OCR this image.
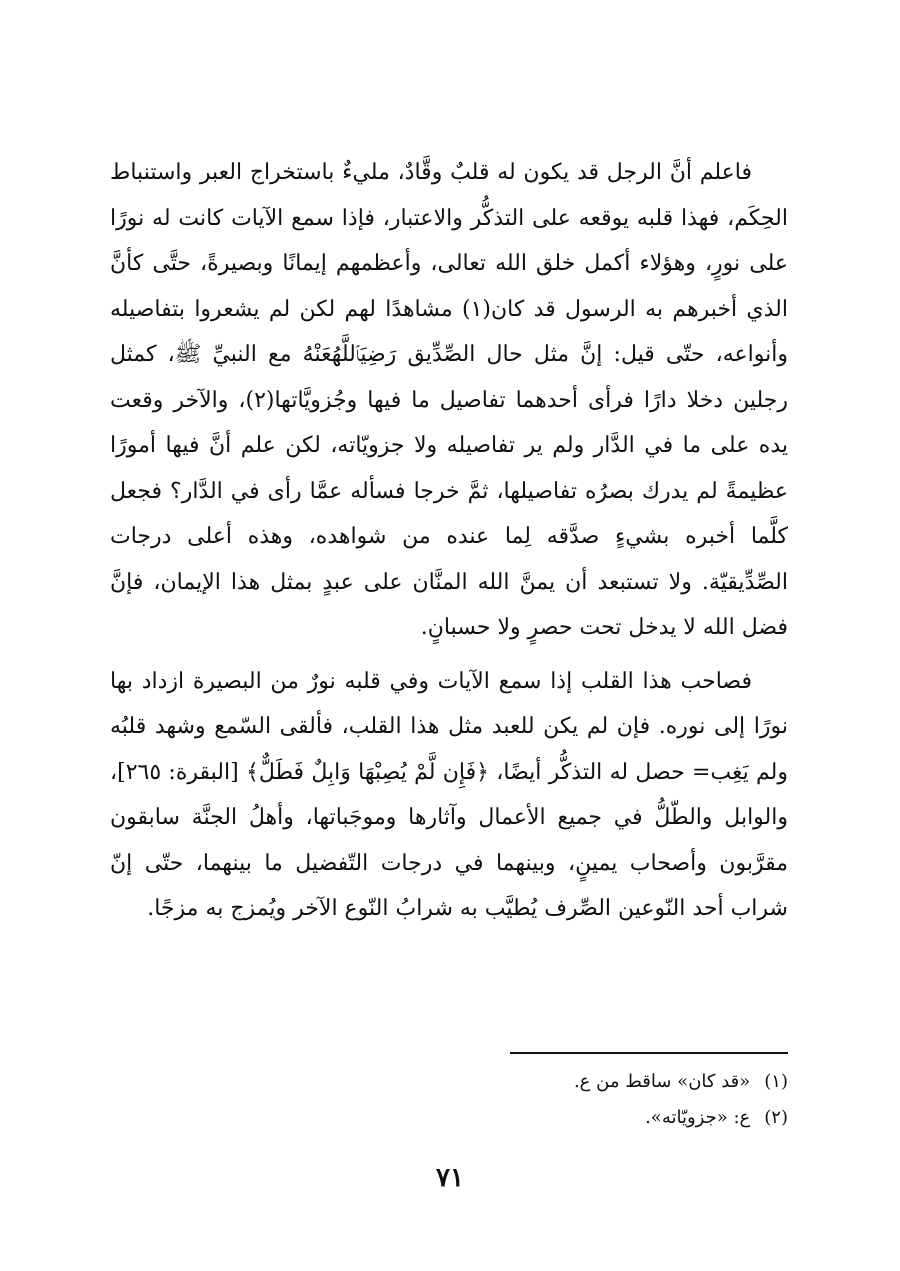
فاعلم أنَّ الرجل قد يكون له قلبٌ وقَّادٌ، مليءٌ باستخراج العبر واستنباط الحِكَم، فهذا قلبه يوقعه على التذكُّر والاعتبار، فإذا سمع الآيات كانت له نورًا على نورٍ، وهؤلاء أكمل خلق الله تعالى، وأعظمهم إيمانًا وبصيرةً، حتَّى كأنَّ الذي أخبرهم به الرسول قد كان(١) مشاهدًا لهم لكن لم يشعروا بتفاصيله وأنواعه، حتّى قيل: إنَّ مثل حال الصِّدِّيق رَضِيَٱللَّهُعَنْهُ مع النبيِّ ﷺ، كمثل رجلين دخلا دارًا فرأى أحدهما تفاصيل ما فيها وجُزويَّاتها(٢)، والآخر وقعت يده على ما في الدَّار ولم ير تفاصيله ولا جزويّاته، لكن علم أنَّ فيها أمورًا عظيمةً لم يدرك بصرُه تفاصيلها، ثمَّ خرجا فسأله عمَّا رأى في الدَّار؟ فجعل كلَّما أخبره بشيءٍ صدَّقه لِما عنده من شواهده، وهذه أعلى درجات الصِّدِّيقيّة. ولا تستبعد أن يمنَّ الله المنَّان على عبدٍ بمثل هذا الإيمان، فإنَّ فضل الله لا يدخل تحت حصرٍ ولا حسبانٍ.

فصاحب هذا القلب إذا سمع الآيات وفي قلبه نورٌ من البصيرة ازداد بها نورًا إلى نوره. فإن لم يكن للعبد مثل هذا القلب، فألقى السّمع وشهد قلبُه ولم يَغِب= حصل له التذكُّر أيضًا، ﴿فَإِن لَّمْ يُصِبْهَا وَابِلٌ فَطَلٌّ﴾ [البقرة: ٢٦٥]، والوابل والطّلُّ في جميع الأعمال وآثارها وموجَباتها، وأهلُ الجنَّة سابقون مقرَّبون وأصحاب يمينٍ، وبينهما في درجات التّفضيل ما بينهما، حتّى إنّ شراب أحد النّوعين الصِّرف يُطيَّب به شرابُ النّوع الآخر ويُمزج به مزجًا.

(١)«قد كان» ساقط من ع.

(٢)ع: «جزويّاته».

٧١
